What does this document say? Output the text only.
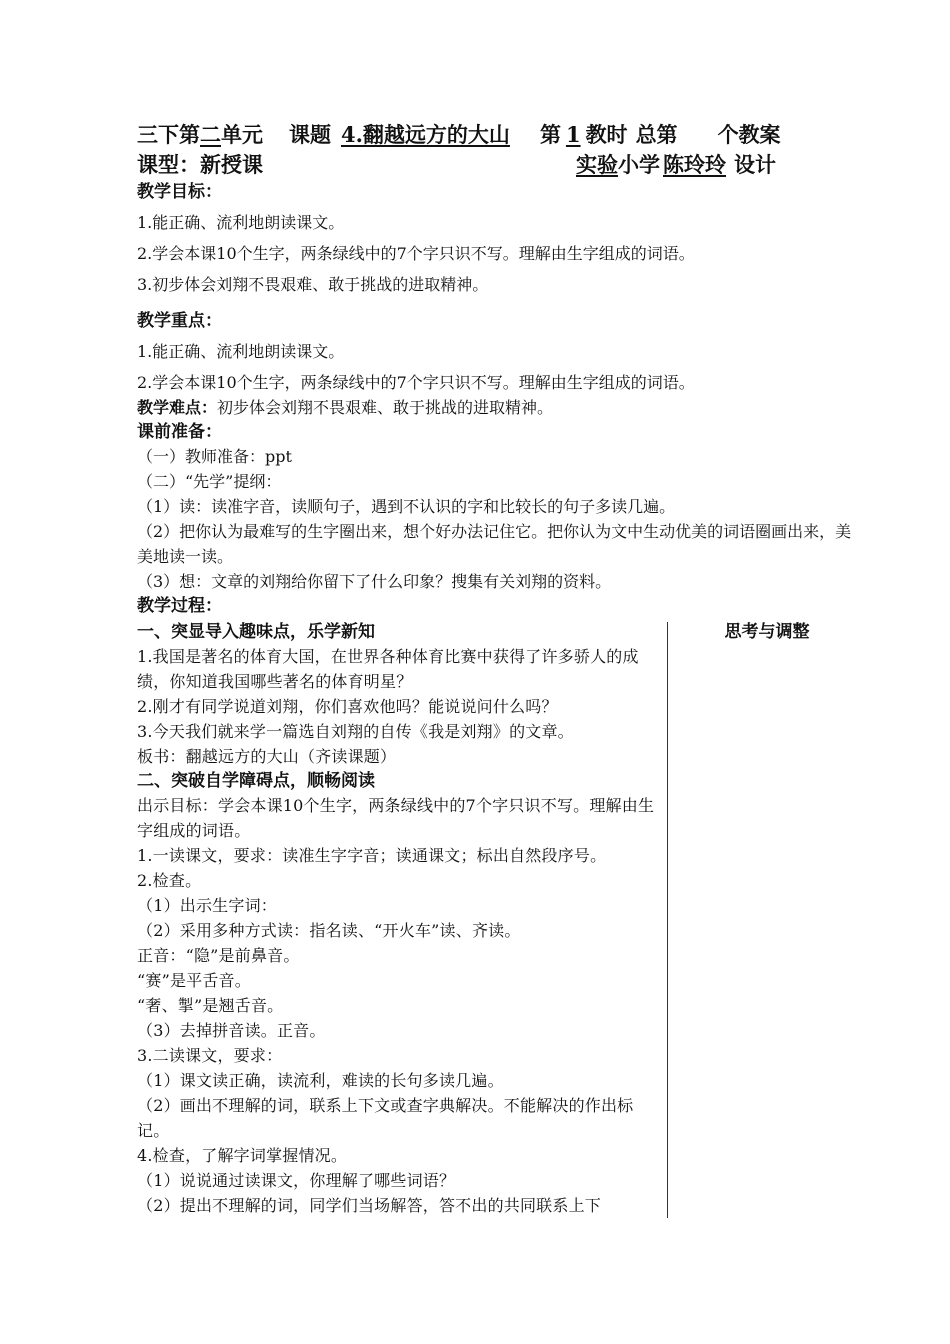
三下第二单元 课题 4.翻越远方的大山 第 1 教时 总第 个教案
课型：新授课	实验小学 陈玲玲 设计
教学目标：
1.能正确、流利地朗读课文。
2.学会本课10个生字，两条绿线中的7个字只识不写。理解由生字组成的词语。
3.初步体会刘翔不畏艰难、敢于挑战的进取精神。
教学重点：
1.能正确、流利地朗读课文。
2.学会本课10个生字，两条绿线中的7个字只识不写。理解由生字组成的词语。
教学难点：初步体会刘翔不畏艰难、敢于挑战的进取精神。
课前准备：
（一）教师准备：ppt
（二）“先学”提纲：
（1）读：读准字音，读顺句子，遇到不认识的字和比较长的句子多读几遍。
（2）把你认为最难写的生字圈出来，想个好办法记住它。把你认为文中生动优美的词语圈画出来，美美地读一读。
（3）想：文章的刘翔给你留下了什么印象？搜集有关刘翔的资料。
教学过程：
思考与调整
一、突显导入趣味点，乐学新知
1.我国是著名的体育大国，在世界各种体育比赛中获得了许多骄人的成绩，你知道我国哪些著名的体育明星？
2.刚才有同学说道刘翔，你们喜欢他吗？能说说问什么吗？
3.今天我们就来学一篇选自刘翔的自传《我是刘翔》的文章。
板书：翻越远方的大山（齐读课题）
二、突破自学障碍点，顺畅阅读
出示目标：学会本课10个生字，两条绿线中的7个字只识不写。理解由生字组成的词语。
1.一读课文，要求：读准生字字音；读通课文；标出自然段序号。
2.检查。
（1）出示生字词：
（2）采用多种方式读：指名读、“开火车”读、齐读。
正音：“隐”是前鼻音。
“赛”是平舌音。
“奢、掣”是翘舌音。
（3）去掉拼音读。正音。
3.二读课文，要求：
（1）课文读正确，读流利，难读的长句多读几遍。
（2）画出不理解的词，联系上下文或查字典解决。不能解决的作出标记。
4.检查，了解字词掌握情况。
（1）说说通过读课文，你理解了哪些词语？
（2）提出不理解的词，同学们当场解答，答不出的共同联系上下
